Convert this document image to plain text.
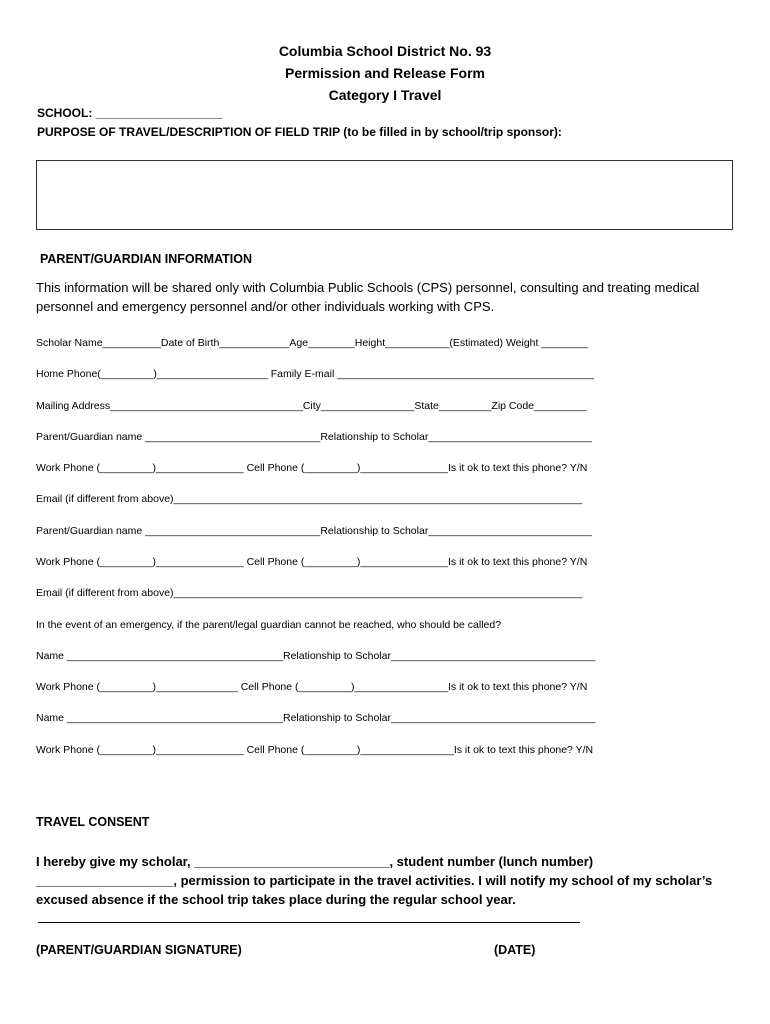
Columbia School District No. 93
Permission and Release Form
Category I Travel
SCHOOL: ___________________
PURPOSE OF TRAVEL/DESCRIPTION OF FIELD TRIP (to be filled in by school/trip sponsor):
PARENT/GUARDIAN INFORMATION
This information will be shared only with Columbia Public Schools (CPS) personnel, consulting and treating medical personnel and emergency personnel and/or other individuals working with CPS.
Scholar Name__________Date of Birth____________Age________Height___________(Estimated) Weight ________
Home Phone(_________)___________________ Family E-mail ____________________________________________
Mailing Address_________________________________City________________State_________Zip Code_________
Parent/Guardian name ______________________________Relationship to Scholar____________________________
Work Phone (_________)_______________ Cell Phone (_________)_______________Is it ok to text this phone? Y/N
Email (if different from above)______________________________________________________________________
Parent/Guardian name ______________________________Relationship to Scholar____________________________
Work Phone (_________)_______________ Cell Phone (_________)_______________Is it ok to text this phone? Y/N
Email (if different from above)______________________________________________________________________
In the event of an emergency, if the parent/legal guardian cannot be reached, who should be called?
Name _____________________________________Relationship to Scholar___________________________________
Work Phone (_________)______________ Cell Phone (_________)________________Is it ok to text this phone? Y/N
Name _____________________________________Relationship to Scholar___________________________________
Work Phone (_________)_______________ Cell Phone (_________)________________Is it ok to text this phone? Y/N
TRAVEL CONSENT
I hereby give my scholar, ___________________________, student number (lunch number) ___________________, permission to participate in the travel activities. I will notify my school of my scholar’s excused absence if the school trip takes place during the regular school year.
(PARENT/GUARDIAN SIGNATURE)	(DATE)
